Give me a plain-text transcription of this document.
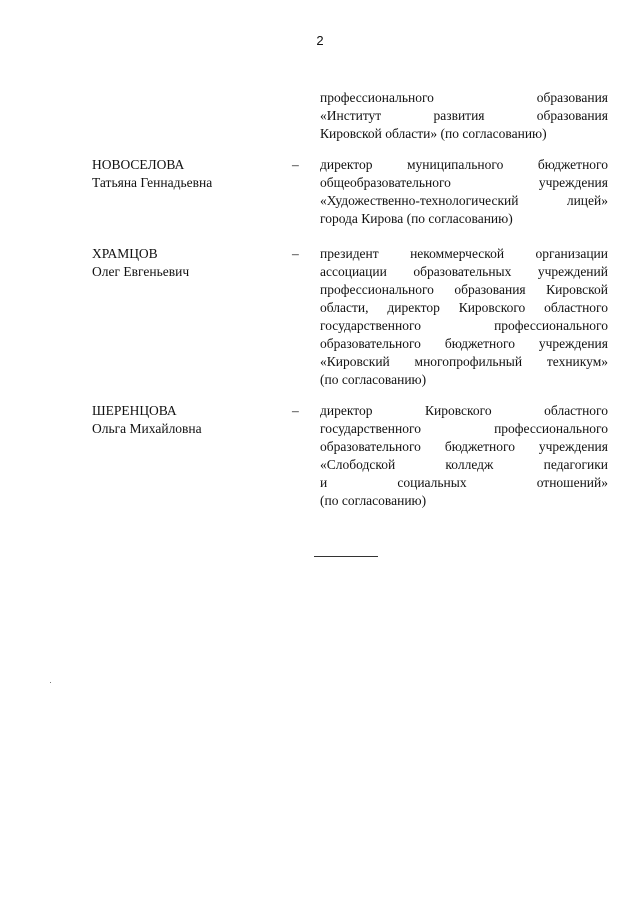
2
профессионального образования
«Институт развития образования
Кировской области» (по согласованию)
НОВОСЕЛОВА
Татьяна Геннадьевна
– директор муниципального бюджетного
общеобразовательного учреждения
«Художественно-технологический лицей»
города Кирова (по согласованию)
ХРАМЦОВ
Олег Евгеньевич
– президент некоммерческой организации
ассоциации образовательных учреждений
профессионального образования Кировской
области, директор Кировского областного
государственного профессионального
образовательного бюджетного учреждения
«Кировский многопрофильный техникум»
(по согласованию)
ШЕРЕНЦОВА
Ольга Михайловна
– директор Кировского областного
государственного профессионального
образовательного бюджетного учреждения
«Слободской колледж педагогики
и социальных отношений»
(по согласованию)
